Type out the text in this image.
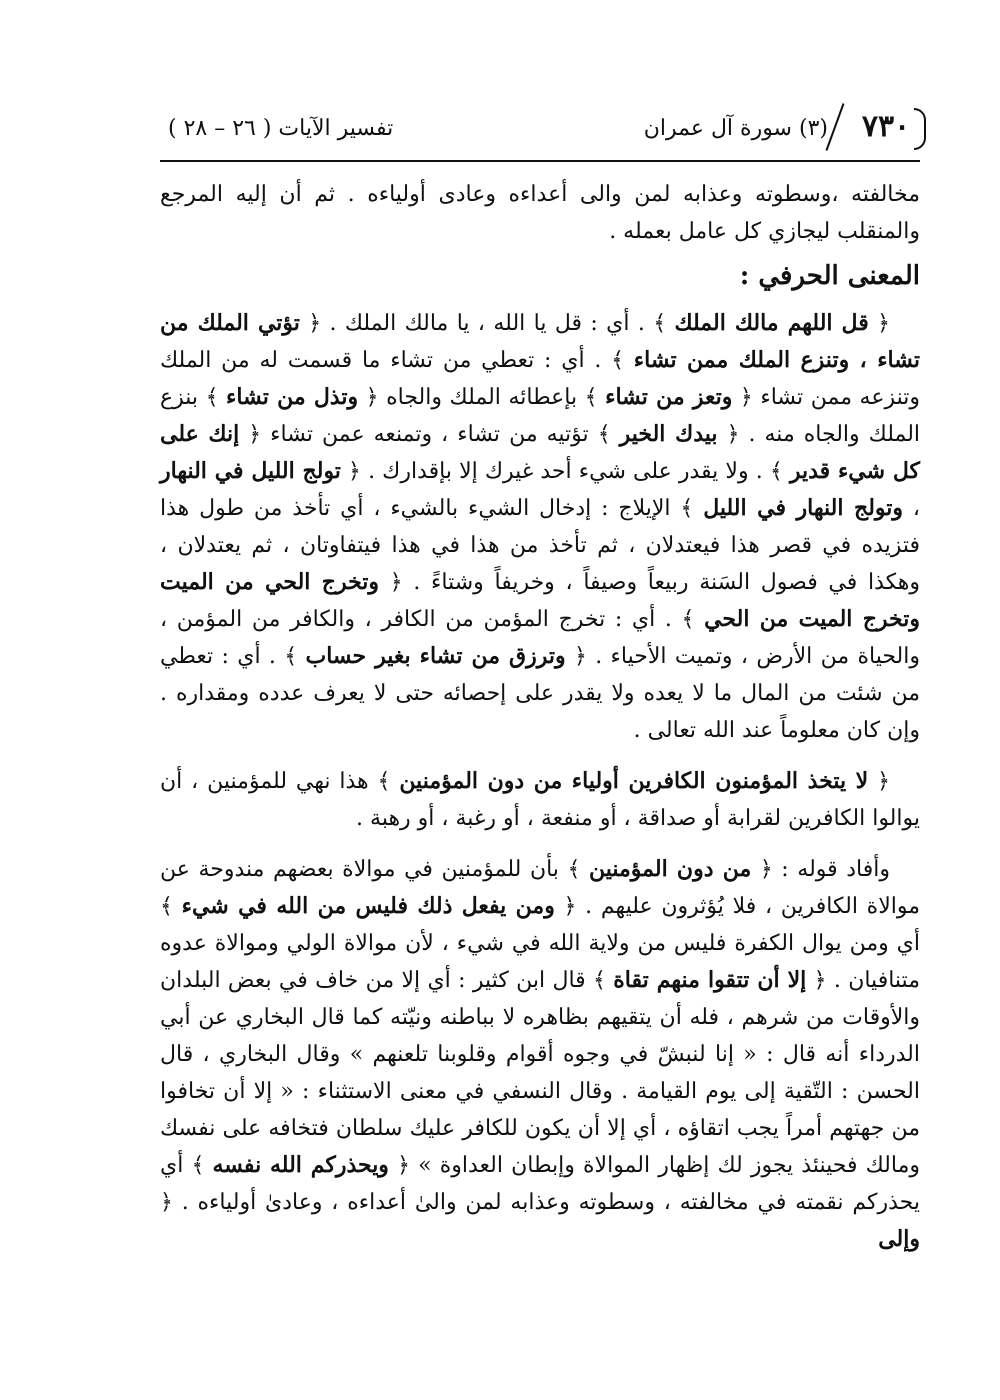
٧٣٠
(٣) سورة آل عمران
تفسير الآيات ( ٢٦ – ٢٨ )

مخالفته ،وسطوته وعذابه لمن والى أعداءه وعادى أولياءه . ثم أن إليه المرجع والمنقلب ليجازي كل عامل بعمله .

المعنى الحرفي :

﴿ قل اللهم مالك الملك ﴾ . أي : قل يا الله ، يا مالك الملك . ﴿ تؤتي الملك من تشاء ، وتنزع الملك ممن تشاء ﴾ . أي : تعطي من تشاء ما قسمت له من الملك وتنزعه ممن تشاء ﴿ وتعز من تشاء ﴾ بإعطائه الملك والجاه ﴿ وتذل من تشاء ﴾ بنزع الملك والجاه منه . ﴿ بيدك الخير ﴾ تؤتيه من تشاء ، وتمنعه عمن تشاء ﴿ إنك على كل شيء قدير ﴾ . ولا يقدر على شيء أحد غيرك إلا بإقدارك . ﴿ تولج الليل في النهار ، وتولج النهار في الليل ﴾ الإيلاج : إدخال الشيء بالشيء ، أي تأخذ من طول هذا فتزيده في قصر هذا فيعتدلان ، ثم تأخذ من هذا في هذا فيتفاوتان ، ثم يعتدلان ، وهكذا في فصول السَنة ربيعاً وصيفاً ، وخريفاً وشتاءً . ﴿ وتخرج الحي من الميت وتخرج الميت من الحي ﴾ . أي : تخرج المؤمن من الكافر ، والكافر من المؤمن ، والحياة من الأرض ، وتميت الأحياء . ﴿ وترزق من تشاء بغير حساب ﴾ . أي : تعطي من شئت من المال ما لا يعده ولا يقدر على إحصائه حتى لا يعرف عدده ومقداره . وإن كان معلوماً عند الله تعالى .

﴿ لا يتخذ المؤمنون الكافرين أولياء من دون المؤمنين ﴾ هذا نهي للمؤمنين ، أن يوالوا الكافرين لقرابة أو صداقة ، أو منفعة ، أو رغبة ، أو رهبة .

وأفاد قوله : ﴿ من دون المؤمنين ﴾ بأن للمؤمنين في موالاة بعضهم مندوحة عن موالاة الكافرين ، فلا يُؤثرون عليهم . ﴿ ومن يفعل ذلك فليس من الله في شيء ﴾ أي ومن يوال الكفرة فليس من ولاية الله في شيء ، لأن موالاة الولي وموالاة عدوه متنافيان . ﴿ إلا أن تتقوا منهم تقاة ﴾ قال ابن كثير : أي إلا من خاف في بعض البلدان والأوقات من شرهم ، فله أن يتقيهم بظاهره لا بباطنه ونيّته كما قال البخاري عن أبي الدرداء أنه قال : « إنا لنبشّ في وجوه أقوام وقلوبنا تلعنهم » وقال البخاري ، قال الحسن : التّقية إلى يوم القيامة . وقال النسفي في معنى الاستثناء : « إلا أن تخافوا من جهتهم أمراً يجب اتقاؤه ، أي إلا أن يكون للكافر عليك سلطان فتخافه على نفسك ومالك فحينئذ يجوز لك إظهار الموالاة وإبطان العداوة » ﴿ ويحذركم الله نفسه ﴾ أي يحذركم نقمته في مخالفته ، وسطوته وعذابه لمن والىٰ أعداءه ، وعادىٰ أولياءه . ﴿ وإلى
